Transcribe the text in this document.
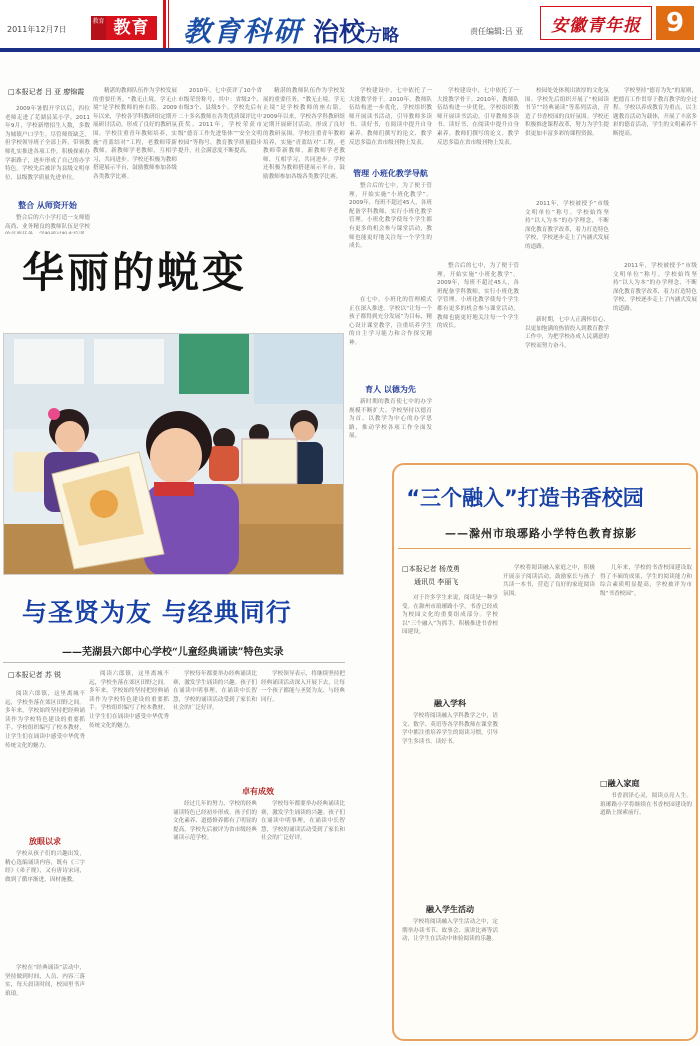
2011年12月7日
教育 教育 教育科研 治校 方略	责任编辑:吕 亚 安徽青年报 9
□本报记者 吕 亚 廖锦霞

2009年暑假开学以后，四位老师走进了芜湖县某小学。2011年9月，学校新增招生人数，多数为城镇户口学生。尽管师资缺乏，但学校领导班子全部上阵，带领教师扎实推进各项工作，积极探索办学新路子，逐步形成了自己的办学特色。学校先后被评为县级文明单位、县级教学质量先进单位。

整合 从师资开始

整合后的六小学打造一支师德高尚、业务精良的教师队伍是学校

精湛的教师队伍作为学校发展的重要任务。“教无止境，学无止境”是学校教师的座右铭。2009年以来，学校各学科教研组定期开展研讨活动，形成了良好的教研氛围。学校注重青年教师培养，实施“青蓝结对”工程，老教师带新教师，新教师学老教师，互相学习，共同进步。学校还积极为教师搭建展示平台，鼓励教师参加各级各类教学比赛。

2010年，七中获评了10个省市级荣誉称号，其中：省级2个、市级3个、县级5个。学校先后有二十多名教师在各类优质课评比中获奖。2011年，学校荣获市级“德育工作先进集体”“安全文明校园”等称号，教育教学质量稳步提升，社会满意度不断提高。

精湛的教师队伍作为学校发展的重要任务。“教无止境，学无止境”是学校教师的座右铭。2009年以来，学校各学科教研组定期开展研讨活动，形成了良好的教研氛围。学校注重青年教师培养，实施“青蓝结对”工程，老教师带新教师，新教师学老教师，互相学习，共同进步。学校还积极为教师搭建展示平台，鼓励教师参加各级各类教学比赛。

华丽的蜕变

学校建设中，七中依托了一大批教学骨干。2010年，教师队伍结构进一步优化，学校组织教师开展读书活动，引导教师多读书、读好书，在阅读中提升自身素养。教师们撰写的论文、教学反思多篇在省市级刊物上发表。

管理 小班化教学导航

整合后的七中，为了便于管理，开始实施“小班化教学”。2009年，每班不超过45人，各班配备学科教师，实行小班化教学管理。小班化教学使每个学生都有更多的机会参与课堂活动，教师也能更好地关注每一个学生的成长。

在七中，小班化的管理模式正在深入推进。学校以“让每一个孩子都得到充分发展”为目标，精心设计课堂教学，注重培养学生的自主学习能力和合作探究精神。

育人 以德为先

新时期的教育使七中的办学规模不断扩大。学校坚持以德育为首、以教学为中心的办学思路，推动学校各项工作全面发展。

学校建设中，七中依托了一大批教学骨干。2010年，教师队伍结构进一步优化，学校组织教师开展读书活动，引导教师多读书、读好书，在阅读中提升自身素养。教师们撰写的论文、教学反思多篇在省市级刊物上发表。

整合后的七中，为了便于管理，开始实施“小班化教学”。2009年，每班不超过45人，各班配备学科教师，实行小班化教学管理。小班化教学使每个学生都有更多的机会参与课堂活动，教师也能更好地关注每一个学生的成长。

校园处处体现出浓厚的文化氛围。学校先后组织开展了“校园读书节”“经典诵读”等系列活动，营造了书香校园的良好氛围。学校还积极推进课程改革，努力为学生提供更加丰富多彩的课程资源。

2011年，学校被授予“市级文明单位”称号。学校始终坚持“以人为本”的办学理念，不断深化教育教学改革，着力打造特色学校，学校逐步走上了内涵式发展的道路。

新时期，七中人正满怀信心，以更加饱满的热情投入到教育教学工作中，为把学校办成人民满意的学校而努力奋斗。

学校坚持“德育为先”的原则，把德育工作贯穿于教育教学的全过程。学校以养成教育为重点，以主题教育活动为载体，开展了丰富多彩的德育活动，学生的文明素养不断提高。

2011年，学校被授予“市级文明单位”称号。学校始终坚持“以人为本”的办学理念，不断深化教育教学改革，着力打造特色学校，学校逐步走上了内涵式发展的道路。

与圣贤为友 与经典同行
——芜湖县六郎中心学校“儿童经典诵读”特色实录
□本报记者 苏 锐

阅读六郎镇，这里离城不远，学校坐落在郊区田野之间。多年来，学校始终坚持把经典诵读作为学校特色建设的重要抓手。学校组织编写了校本教材，让学生们在诵读中感受中华优秀传统文化的魅力。

放眼以求

学校从孩子们的兴趣出发，精心选编诵读内容，既有《三字经》《弟子规》，又有唐诗宋词，做到了循序渐进，因材施教。

学校在“经典诵读”活动中，坚持做到时间、人员、内容三落实，每天晨读时间，校园里书声琅琅。

阅读六郎镇，这里离城不远，学校坐落在郊区田野之间。多年来，学校始终坚持把经典诵读作为学校特色建设的重要抓手。学校组织编写了校本教材，让学生们在诵读中感受中华优秀传统文化的魅力。

学校每年都要举办经典诵读比赛，激发学生诵读的兴趣。孩子们在诵读中明事理，在诵读中长智慧，学校的诵读活动受到了家长和社会的广泛好评。

卓有成效

经过几年的努力，学校的经典诵读特色已经初步形成。孩子们的文化素养、道德修养都有了明显的提高。学校先后被评为省市级经典诵读示范学校。

学校领导表示，将继续坚持把经典诵读活动深入开展下去，让每一个孩子都能与圣贤为友、与经典同行。

学校每年都要举办经典诵读比赛，激发学生诵读的兴趣。孩子们在诵读中明事理，在诵读中长智慧，学校的诵读活动受到了家长和社会的广泛好评。

“三个融入”打造书香校园
——滁州市琅琊路小学特色教育掠影
□本报记者 杨茂勇
通讯员 李丽飞

对于许多学生来说，阅读是一种享受。在滁州市琅琊路小学，书香已经成为校园文化的重要组成部分。学校以“三个融入”为抓手，积极推进书香校园建设。

融入学科

学校将阅读融入学科教学之中，语文、数学、英语等各学科教师在课堂教学中都注重培养学生的阅读习惯，引导学生多读书、读好书。

融入学生活动

学校将阅读融入学生活动之中，定期举办读书节、故事会、演讲比赛等活动，让学生在活动中体验阅读的乐趣。

学校将阅读融入家庭之中，积极开展亲子阅读活动，鼓励家长与孩子共读一本书，营造了良好的家庭阅读氛围。

几年来，学校的书香校园建设取得了丰硕的成果，学生的阅读能力和综合素质明显提高，学校被评为市级“书香校园”。

□融入家庭

书香润泽心灵，阅读点亮人生。琅琊路小学将继续在书香校园建设的道路上探索前行。
